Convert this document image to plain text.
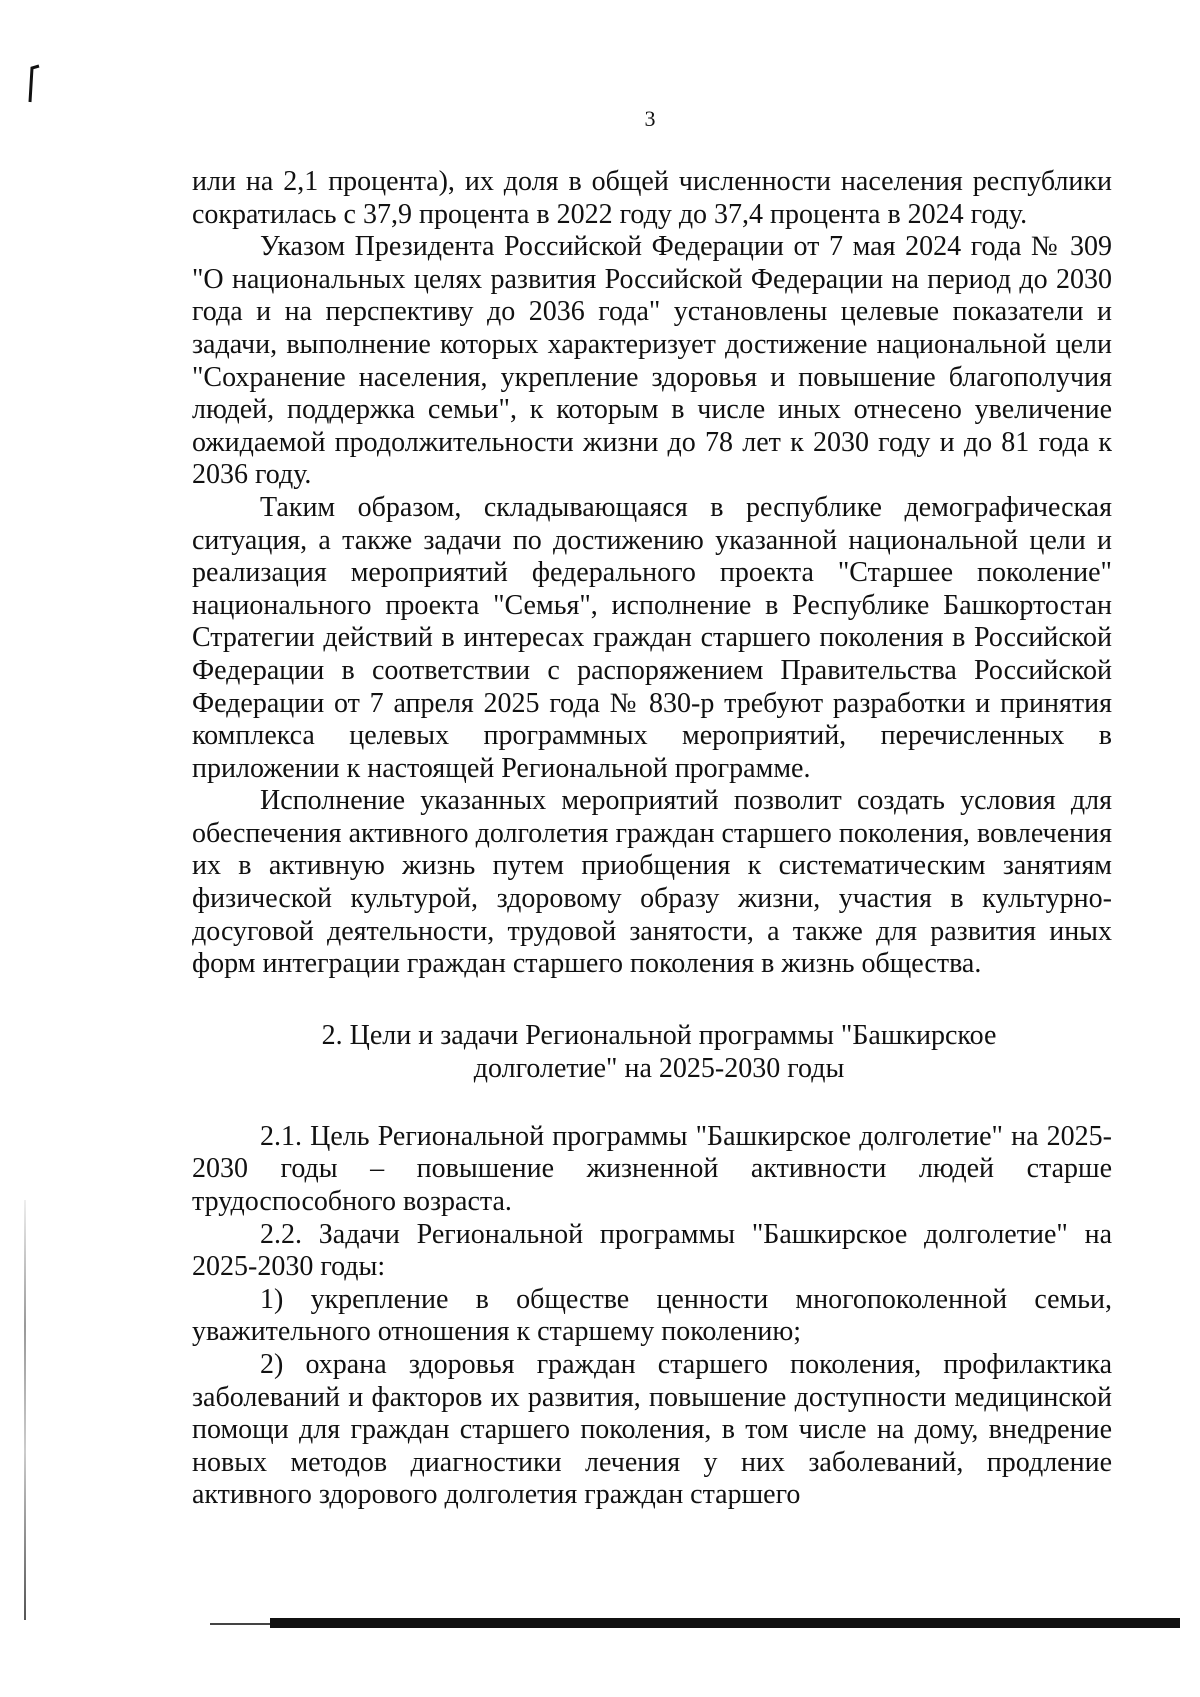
3

или на 2,1 процента), их доля в общей численности населения республики сократилась с 37,9 процента в 2022 году до 37,4 процента в 2024 году.

Указом Президента Российской Федерации от 7 мая 2024 года № 309 "О национальных целях развития Российской Федерации на период до 2030 года и на перспективу до 2036 года" установлены целевые показатели и задачи, выполнение которых характеризует достижение национальной цели "Сохранение населения, укрепление здоровья и повышение благополучия людей, поддержка семьи", к которым в числе иных отнесено увеличение ожидаемой продолжительности жизни до 78 лет к 2030 году и до 81 года к 2036 году.

Таким образом, складывающаяся в республике демографическая ситуация, а также задачи по достижению указанной национальной цели и реализация мероприятий федерального проекта "Старшее поколение" национального проекта "Семья", исполнение в Республике Башкортостан Стратегии действий в интересах граждан старшего поколения в Российской Федерации в соответствии с распоряжением Правительства Российской Федерации от 7 апреля 2025 года № 830-р требуют разработки и принятия комплекса целевых программных мероприятий, перечисленных в приложении к настоящей Региональной программе.

Исполнение указанных мероприятий позволит создать условия для обеспечения активного долголетия граждан старшего поколения, вовлечения их в активную жизнь путем приобщения к систематическим занятиям физической культурой, здоровому образу жизни, участия в культурно-досуговой деятельности, трудовой занятости, а также для развития иных форм интеграции граждан старшего поколения в жизнь общества.

2. Цели и задачи Региональной программы "Башкирское
долголетие" на 2025-2030 годы

2.1. Цель Региональной программы "Башкирское долголетие" на 2025-2030 годы – повышение жизненной активности людей старше трудоспособного возраста.

2.2. Задачи Региональной программы "Башкирское долголетие" на 2025-2030 годы:

1) укрепление в обществе ценности многопоколенной семьи, уважительного отношения к старшему поколению;

2) охрана здоровья граждан старшего поколения, профилактика заболеваний и факторов их развития, повышение доступности медицинской помощи для граждан старшего поколения, в том числе на дому, внедрение новых методов диагностики лечения у них заболеваний, продление активного здорового долголетия граждан старшего
